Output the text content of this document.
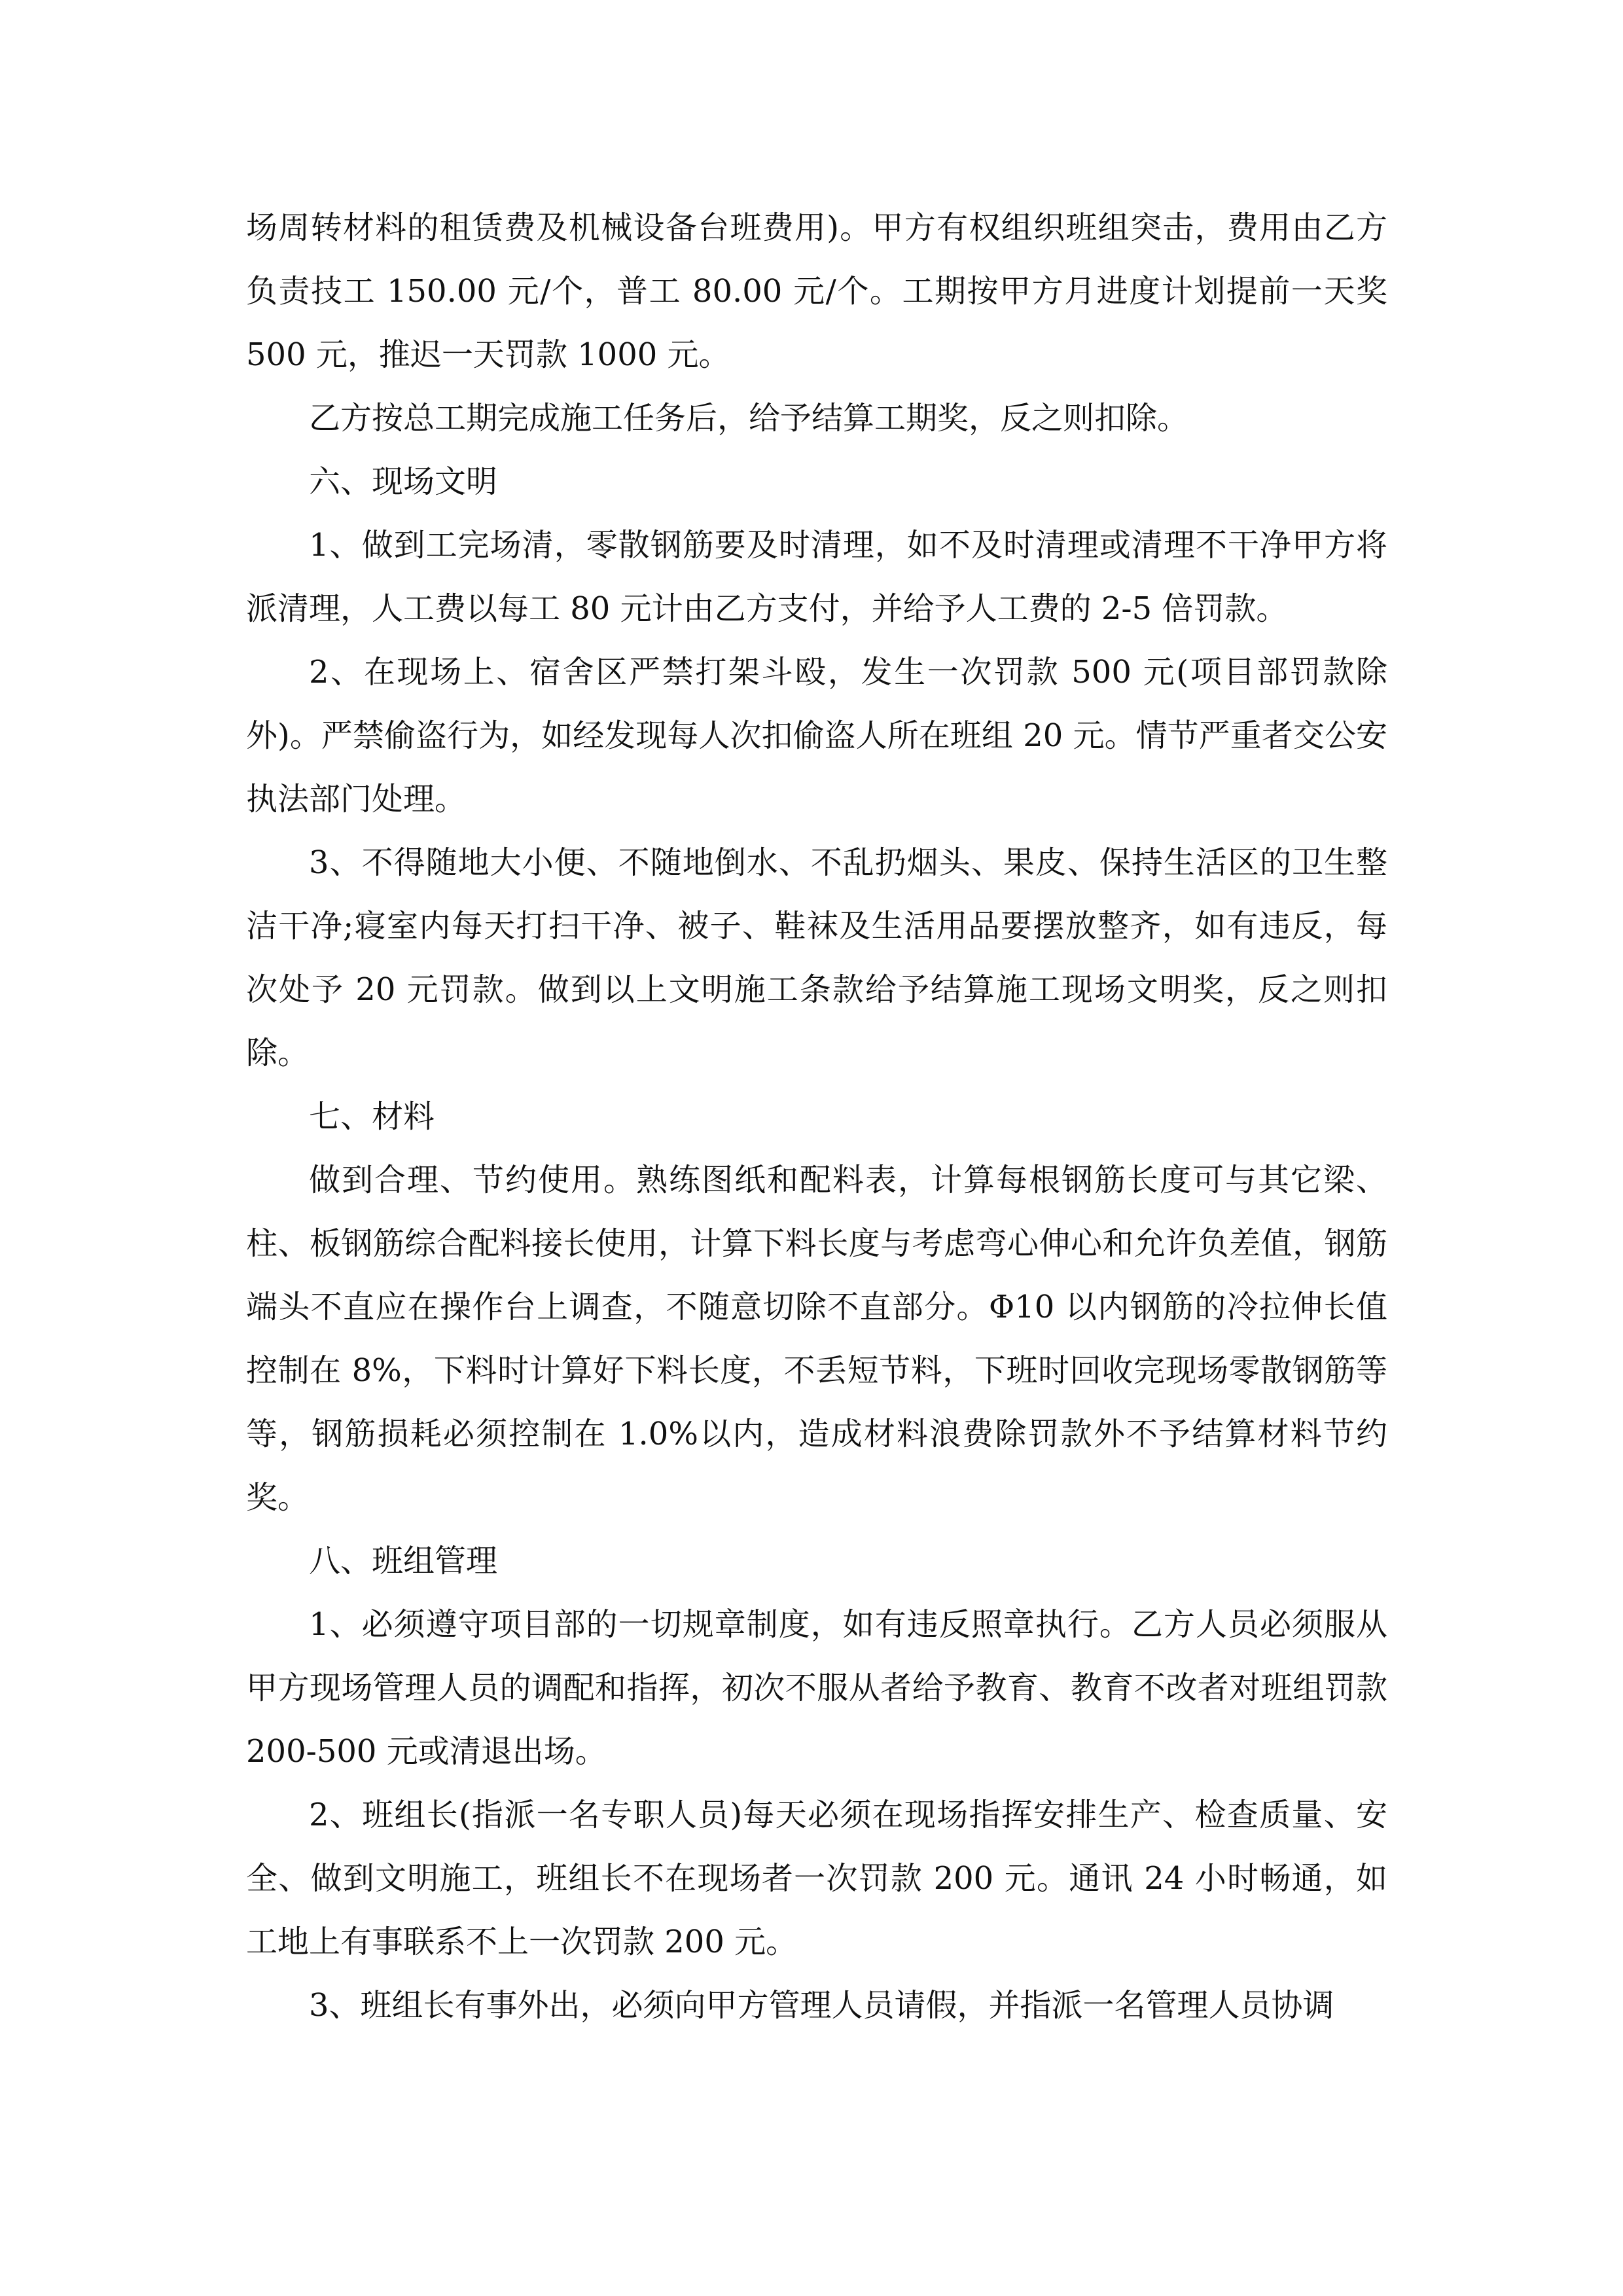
场周转材料的租赁费及机械设备台班费用)。甲方有权组织班组突击，费用由乙方负责技工 150.00 元/个，普工 80.00 元/个。工期按甲方月进度计划提前一天奖 500 元，推迟一天罚款 1000 元。

乙方按总工期完成施工任务后，给予结算工期奖，反之则扣除。

六、现场文明

1、做到工完场清，零散钢筋要及时清理，如不及时清理或清理不干净甲方将派清理，人工费以每工 80 元计由乙方支付，并给予人工费的 2-5 倍罚款。

2、在现场上、宿舍区严禁打架斗殴，发生一次罚款 500 元(项目部罚款除外)。严禁偷盗行为，如经发现每人次扣偷盗人所在班组 20 元。情节严重者交公安执法部门处理。

3、不得随地大小便、不随地倒水、不乱扔烟头、果皮、保持生活区的卫生整洁干净;寝室内每天打扫干净、被子、鞋袜及生活用品要摆放整齐，如有违反，每次处予 20 元罚款。做到以上文明施工条款给予结算施工现场文明奖，反之则扣除。

七、材料

做到合理、节约使用。熟练图纸和配料表，计算每根钢筋长度可与其它梁、柱、板钢筋综合配料接长使用，计算下料长度与考虑弯心伸心和允许负差值，钢筋端头不直应在操作台上调查，不随意切除不直部分。Φ10 以内钢筋的冷拉伸长值控制在 8%，下料时计算好下料长度，不丢短节料，下班时回收完现场零散钢筋等等，钢筋损耗必须控制在 1.0%以内，造成材料浪费除罚款外不予结算材料节约奖。

八、班组管理

1、必须遵守项目部的一切规章制度，如有违反照章执行。乙方人员必须服从甲方现场管理人员的调配和指挥，初次不服从者给予教育、教育不改者对班组罚款 200-500 元或清退出场。

2、班组长(指派一名专职人员)每天必须在现场指挥安排生产、检查质量、安全、做到文明施工，班组长不在现场者一次罚款 200 元。通讯 24 小时畅通，如工地上有事联系不上一次罚款 200 元。

3、班组长有事外出，必须向甲方管理人员请假，并指派一名管理人员协调
